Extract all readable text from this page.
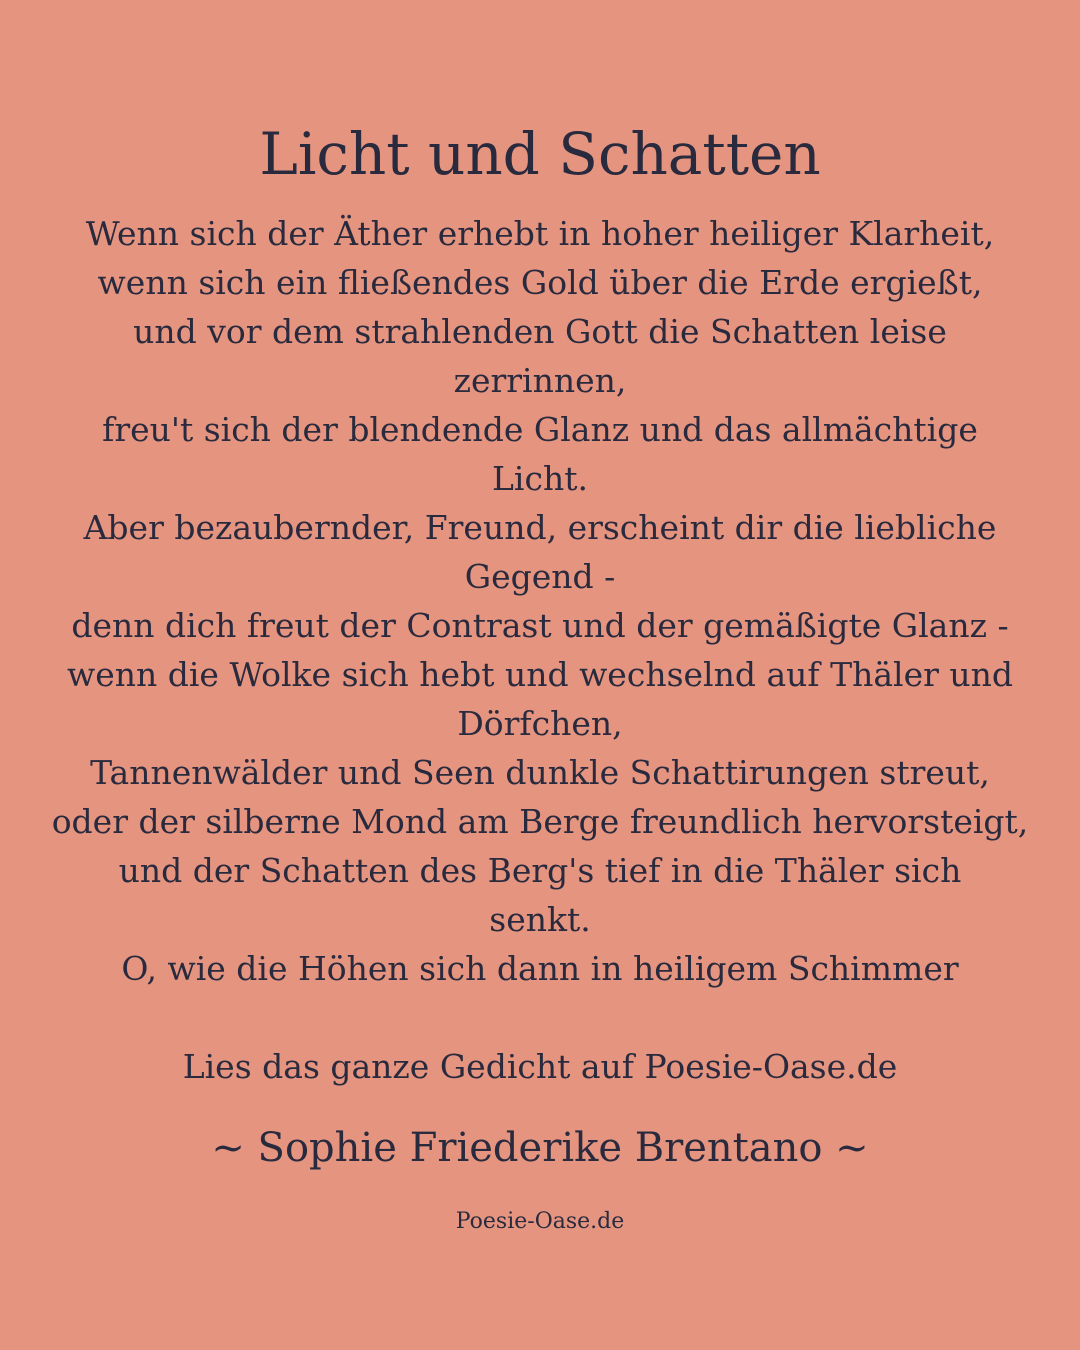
Licht und Schatten
Wenn sich der Äther erhebt in hoher heiliger Klarheit,
wenn sich ein fließendes Gold über die Erde ergießt,
und vor dem strahlenden Gott die Schatten leise
zerrinnen,
freu't sich der blendende Glanz und das allmächtige
Licht.
Aber bezaubernder, Freund, erscheint dir die liebliche
Gegend -
denn dich freut der Contrast und der gemäßigte Glanz -
wenn die Wolke sich hebt und wechselnd auf Thäler und
Dörfchen,
Tannenwälder und Seen dunkle Schattirungen streut,
oder der silberne Mond am Berge freundlich hervorsteigt,
und der Schatten des Berg's tief in die Thäler sich
senkt.
O, wie die Höhen sich dann in heiligem Schimmer
Lies das ganze Gedicht auf Poesie-Oase.de
~ Sophie Friederike Brentano ~
Poesie-Oase.de
